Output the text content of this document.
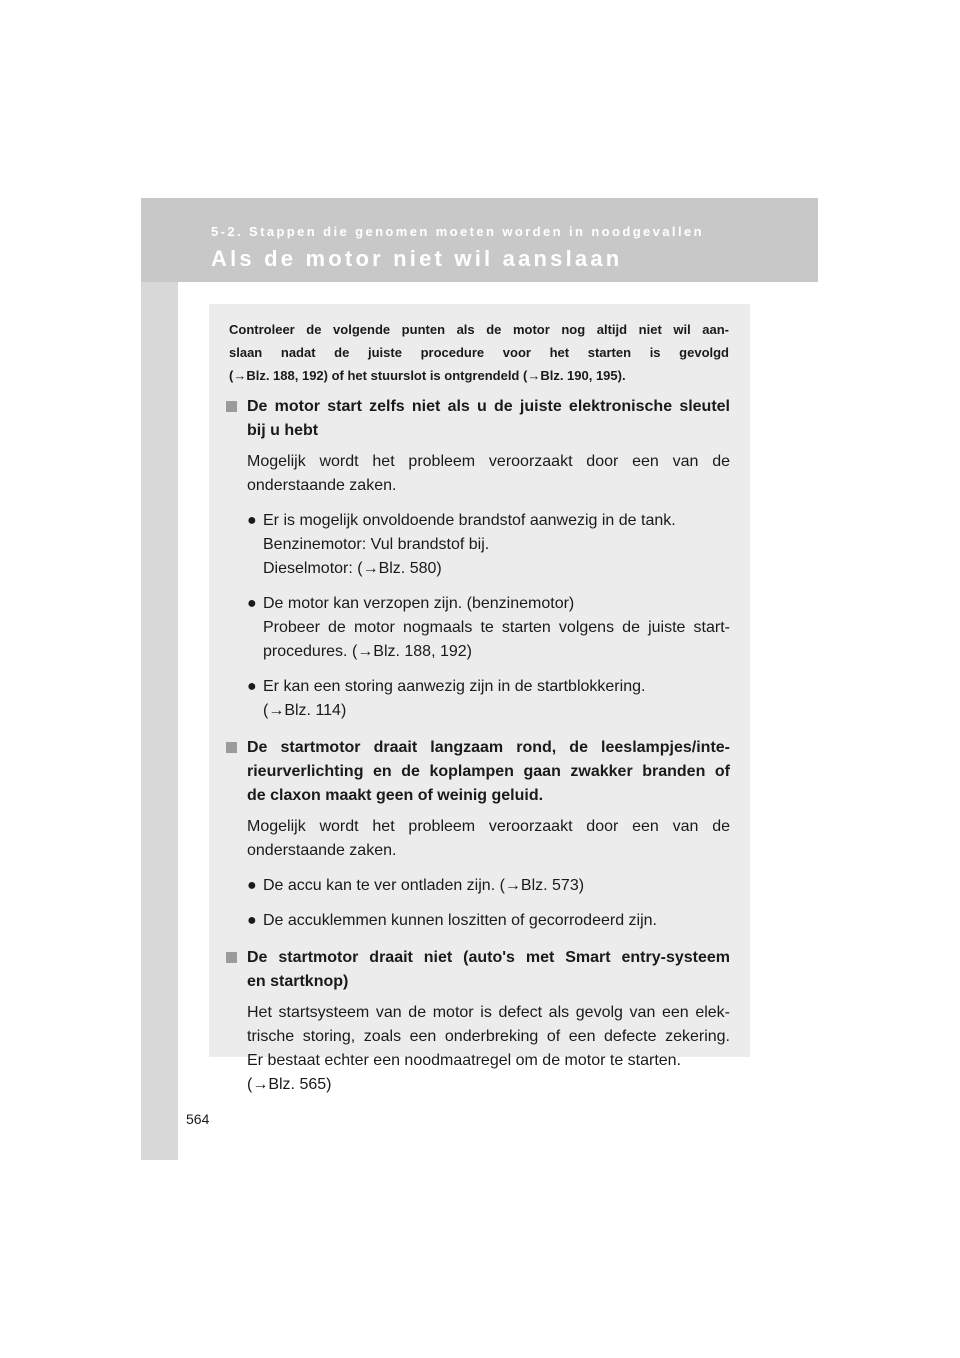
5-2. Stappen die genomen moeten worden in noodgevallen
Als de motor niet wil aanslaan
Controleer de volgende punten als de motor nog altijd niet wil aan-
slaan nadat de juiste procedure voor het starten is gevolgd
(→Blz. 188, 192) of het stuurslot is ontgrendeld (→Blz. 190, 195).
De motor start zelfs niet als u de juiste elektronische sleutel
bij u hebt
Mogelijk wordt het probleem veroorzaakt door een van de
onderstaande zaken.
● Er is mogelijk onvoldoende brandstof aanwezig in de tank.
Benzinemotor: Vul brandstof bij.
Dieselmotor: (→Blz. 580)
● De motor kan verzopen zijn. (benzinemotor)
Probeer de motor nogmaals te starten volgens de juiste start-
procedures. (→Blz. 188, 192)
● Er kan een storing aanwezig zijn in de startblokkering.
(→Blz. 114)
De startmotor draait langzaam rond, de leeslampjes/inte-
rieurverlichting en de koplampen gaan zwakker branden of
de claxon maakt geen of weinig geluid.
Mogelijk wordt het probleem veroorzaakt door een van de
onderstaande zaken.
● De accu kan te ver ontladen zijn. (→Blz. 573)
● De accuklemmen kunnen loszitten of gecorrodeerd zijn.
De startmotor draait niet (auto's met Smart entry-systeem
en startknop)
Het startsysteem van de motor is defect als gevolg van een elek-
trische storing, zoals een onderbreking of een defecte zekering.
Er bestaat echter een noodmaatregel om de motor te starten.
(→Blz. 565)
564
